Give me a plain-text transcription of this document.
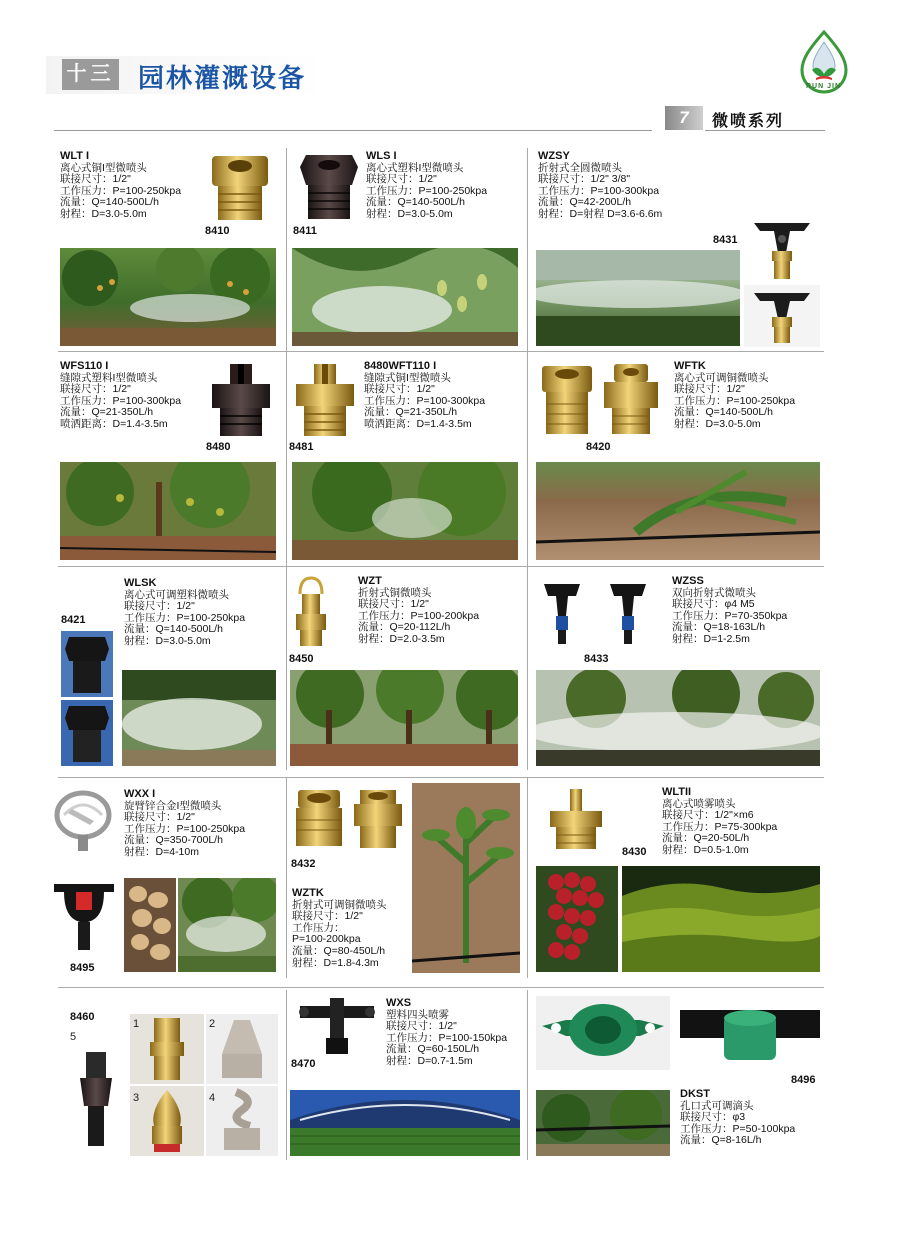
十三 园林灌溉设备
7	微喷系列
RUN JIN
WLT I
离心式铜I型微喷头
联接尺寸：1/2"
工作压力：P=100-250kpa
流量：Q=140-500L/h
射程：D=3.0-5.0m
8410	8411
WLS I
离心式塑料I型微喷头
联接尺寸：1/2"
工作压力：P=100-250kpa
流量：Q=140-500L/h
射程：D=3.0-5.0m
WZSY
折射式全圆微喷头
联接尺寸：1/2" 3/8"
工作压力：P=100-300kpa
流量：Q=42-200L/h
射程：D=射程 D=3.6-6.6m
8431
WFS110 I
缝隙式塑料I型微喷头
联接尺寸：1/2"
工作压力：P=100-300kpa
流量：Q=21-350L/h
喷洒距离：D=1.4-3.5m
8480	8481
8480WFT110 I
缝隙式铜I型微喷头
联接尺寸：1/2"
工作压力：P=100-300kpa
流量：Q=21-350L/h
喷洒距离：D=1.4-3.5m
8420
WFTK
离心式可调铜微喷头
联接尺寸：1/2"
工作压力：P=100-250kpa
流量：Q=140-500L/h
射程：D=3.0-5.0m
8421
WLSK
离心式可调塑料微喷头
联接尺寸：1/2"
工作压力：P=100-250kpa
流量：Q=140-500L/h
射程：D=3.0-5.0m
8450
WZT
折射式铜微喷头
联接尺寸：1/2"
工作压力：P=100-200kpa
流量：Q=20-112L/h
射程：D=2.0-3.5m
8433
WZSS
双向折射式微喷头
联接尺寸：φ4 M5
工作压力：P=70-350kpa
流量：Q=18-163L/h
射程：D=1-2.5m
WXX I
旋臂锌合金I型微喷头
联接尺寸：1/2"
工作压力：P=100-250kpa
流量：Q=350-700L/h
射程：D=4-10m
8495
8432
WZTK
折射式可调铜微喷头
联接尺寸：1/2"
工作压力：
P=100-200kpa
流量：Q=80-450L/h
射程：D=1.8-4.3m
8430
WLTII
离心式喷雾喷头
联接尺寸：1/2"×m6
工作压力：P=75-300kpa
流量：Q=20-50L/h
射程：D=0.5-1.0m
8460
5
1	2
3	4
8470
WXS
塑料四头喷雾
联接尺寸：1/2"
工作压力：P=100-150kpa
流量：Q=60-150L/h
射程：D=0.7-1.5m
8496
DKST
孔口式可调滴头
联接尺寸：φ3
工作压力：P=50-100kpa
流量：Q=8-16L/h
